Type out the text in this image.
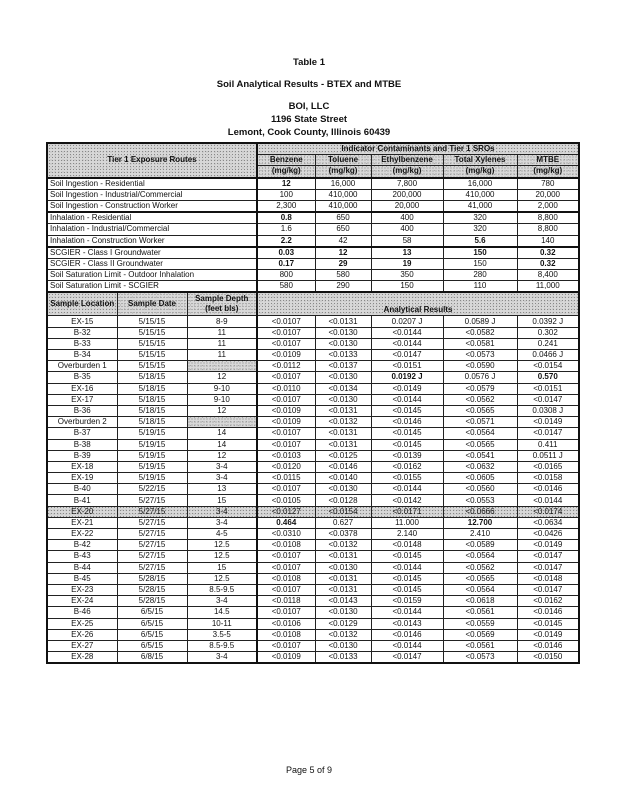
Table 1
Soil Analytical Results - BTEX and MTBE
BOI, LLC
1196 State Street
Lemont, Cook County, Illinois 60439
Tier 1 Exposure Routes			Indicator Contaminants and Tier 1 SROs				
			Benzene	Toluene	Ethylbenzene	Total Xylenes	MTBE
			(mg/kg)	(mg/kg)	(mg/kg)	(mg/kg)	(mg/kg)
Soil Ingestion - Residential			12	16,000	7,800	16,000	780
Soil Ingestion - Industrial/Commercial			100	410,000	200,000	410,000	20,000
Soil Ingestion - Construction Worker			2,300	410,000	20,000	41,000	2,000
Inhalation - Residential			0.8	650	400	320	8,800
Inhalation - Industrial/Commercial			1.6	650	400	320	8,800
Inhalation - Construction Worker			2.2	42	58	5.6	140
SCGIER - Class I Groundwater			0.03	12	13	150	0.32
SCGIER - Class II Groundwater			0.17	29	19	150	0.32
Soil Saturation Limit - Outdoor Inhalation			800	580	350	280	8,400
Soil Saturation Limit - SCGIER			580	290	150	110	11,000
Sample Location	Sample Date	Sample Depth (feet bls)	Analytical Results				
EX-15	5/15/15	8-9	<0.0107	<0.0131	0.0207 J	0.0589 J	0.0392 J
B-32	5/15/15	11	<0.0107	<0.0130	<0.0144	<0.0582	0.302
B-33	5/15/15	11	<0.0107	<0.0130	<0.0144	<0.0581	0.241
B-34	5/15/15	11	<0.0109	<0.0133	<0.0147	<0.0573	0.0466 J
Overburden 1	5/15/15		<0.0112	<0.0137	<0.0151	<0.0590	<0.0154
B-35	5/18/15	12	<0.0107	<0.0130	0.0192 J	0.0576 J	0.570
EX-16	5/18/15	9-10	<0.0110	<0.0134	<0.0149	<0.0579	<0.0151
EX-17	5/18/15	9-10	<0.0107	<0.0130	<0.0144	<0.0562	<0.0147
B-36	5/18/15	12	<0.0109	<0.0131	<0.0145	<0.0565	0.0308 J
Overburden 2	5/18/15		<0.0109	<0.0132	<0.0146	<0.0571	<0.0149
B-37	5/19/15	14	<0.0107	<0.0131	<0.0145	<0.0564	<0.0147
B-38	5/19/15	14	<0.0107	<0.0131	<0.0145	<0.0565	0.411
B-39	5/19/15	12	<0.0103	<0.0125	<0.0139	<0.0541	0.0511 J
EX-18	5/19/15	3-4	<0.0120	<0.0146	<0.0162	<0.0632	<0.0165
EX-19	5/19/15	3-4	<0.0115	<0.0140	<0.0155	<0.0605	<0.0158
B-40	5/22/15	13	<0.0107	<0.0130	<0.0144	<0.0560	<0.0146
B-41	5/27/15	15	<0.0105	<0.0128	<0.0142	<0.0553	<0.0144
EX-20	5/27/15	3-4	<0.0127	<0.0154	<0.0171	<0.0666	<0.0174
EX-21	5/27/15	3-4	0.464	0.627	11.000	12.700	<0.0634
EX-22	5/27/15	4-5	<0.0310	<0.0378	2.140	2.410	<0.0426
B-42	5/27/15	12.5	<0.0108	<0.0132	<0.0148	<0.0589	<0.0149
B-43	5/27/15	12.5	<0.0107	<0.0131	<0.0145	<0.0564	<0.0147
B-44	5/27/15	15	<0.0107	<0.0130	<0.0144	<0.0562	<0.0147
B-45	5/28/15	12.5	<0.0108	<0.0131	<0.0145	<0.0565	<0.0148
EX-23	5/28/15	8.5-9.5	<0.0107	<0.0131	<0.0145	<0.0564	<0.0147
EX-24	5/28/15	3-4	<0.0118	<0.0143	<0.0159	<0.0618	<0.0162
B-46	6/5/15	14.5	<0.0107	<0.0130	<0.0144	<0.0561	<0.0146
EX-25	6/5/15	10-11	<0.0106	<0.0129	<0.0143	<0.0559	<0.0145
EX-26	6/5/15	3.5-5	<0.0108	<0.0132	<0.0146	<0.0569	<0.0149
EX-27	6/5/15	8.5-9.5	<0.0107	<0.0130	<0.0144	<0.0561	<0.0146
EX-28	6/8/15	3-4	<0.0109	<0.0133	<0.0147	<0.0573	<0.0150
Page 5 of 9
